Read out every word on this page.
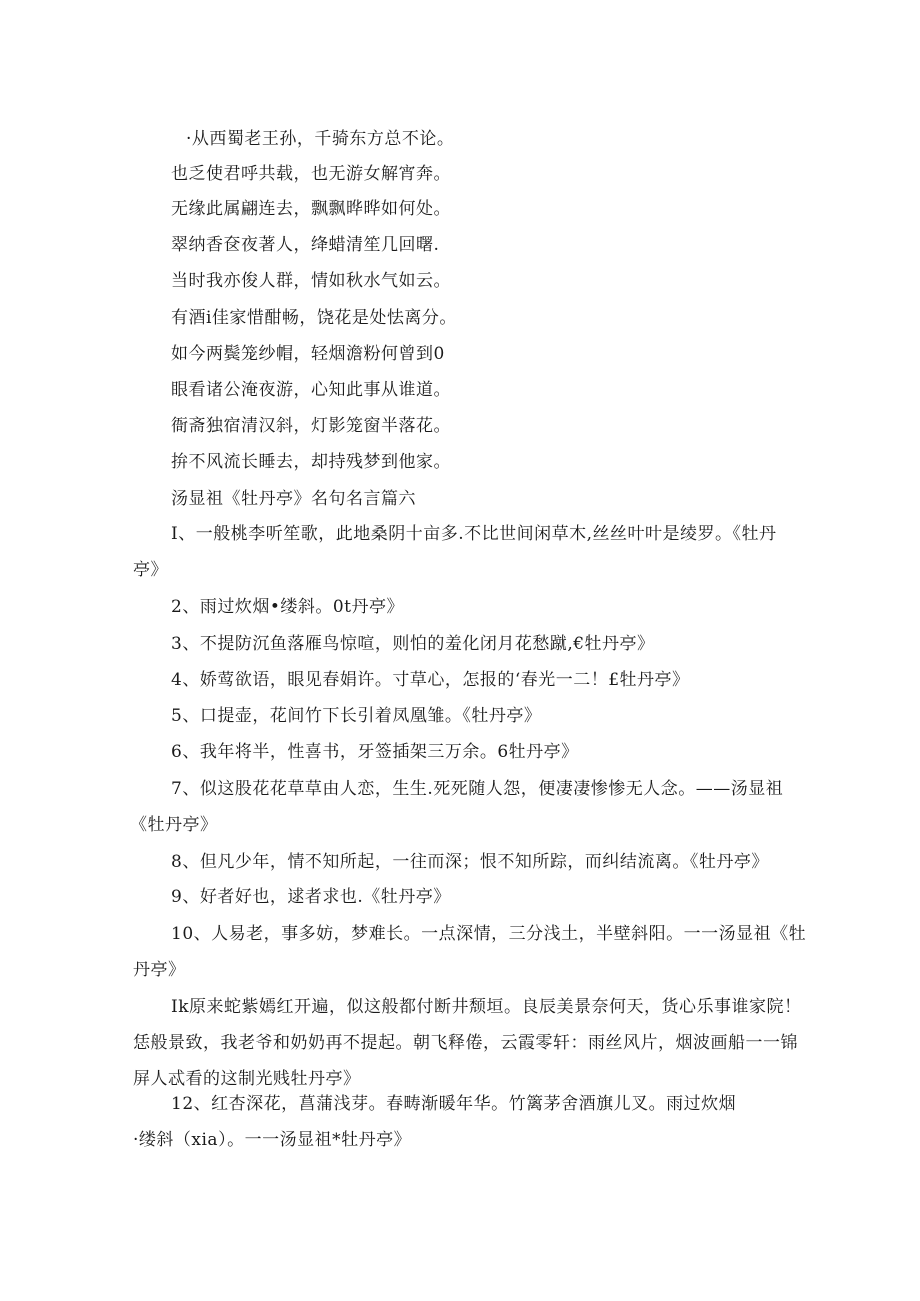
·从西蜀老王孙，千骑东方总不论。
也乏使君呼共载，也无游女解宵奔。
无缘此属翩连去，飘飘晔晔如何处。
翠纳香奁夜著人，绛蜡清笙几回曙.
当时我亦俊人群，情如秋水气如云。
有酒i佳家惜酣畅，饶花是处怯离分。
如今两鬓笼纱帽，轻烟澹粉何曾到0
眼看诸公淹夜游，心知此事从谁道。
衙斋独宿清汉斜，灯影笼窗半落花。
拚不风流长睡去，却持残梦到他家。
汤显祖《牡丹亭》名句名言篇六
I、一般桃李听笙歌，此地桑阴十亩多.不比世间闲草木,丝丝叶叶是绫罗。《牡丹
亭》
2、雨过炊烟•缕斜。0t丹亭》
3、不提防沉鱼落雁鸟惊喧，则怕的羞化闭月花愁蹴,€牡丹亭》
4、娇莺欲语，眼见春娟许。寸草心，怎报的‘春光一二！£牡丹亭》
5、口提壶，花间竹下长引着凤凰雏。《牡丹亭》
6、我年将半，性喜书，牙签插架三万余。6牡丹亭》
7、似这股花花草草由人恋，生生.死死随人怨，便凄凄惨惨无人念。——汤显祖
《牡丹亭》
8、但凡少年，情不知所起，一往而深；恨不知所踪，而纠结流离。《牡丹亭》
9、好者好也，逑者求也.《牡丹亭》
10、人易老，事多妨，梦难长。一点深情，三分浅土，半壁斜阳。一一汤显祖《牡
丹亭》
Ik原来蛇紫嫣红开遍，似这般都付断井颓垣。良辰美景奈何天，货心乐事谁家院！
恁般景致，我老爷和奶奶再不提起。朝飞释倦，云霞零轩：雨丝风片，烟波画船一一锦
屏人忒看的这制光贱牡丹亭》
12、红杏深花，菖蒲浅芽。春畴渐暖年华。竹篱茅舍酒旗儿叉。雨过炊烟
·缕斜（xia）。一一汤显祖*牡丹亭》
